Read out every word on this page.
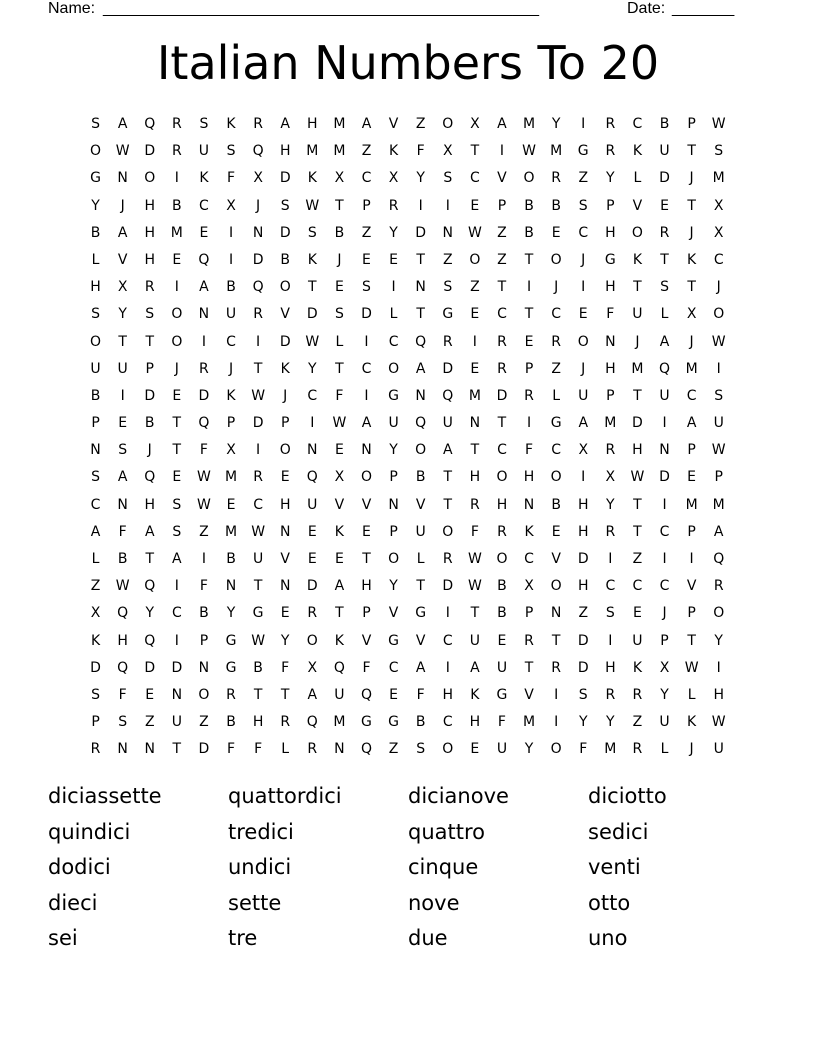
Name: _________________________________________________	Date: _______
Italian Numbers To 20
S	A	Q	R	S	K	R	A	H	M	A	V	Z	O	X	A	M	Y	I	R	C	B	P	W
O	W	D	R	U	S	Q	H	M	M	Z	K	F	X	T	I	W	M	G	R	K	U	T	S
G	N	O	I	K	F	X	D	K	X	C	X	Y	S	C	V	O	R	Z	Y	L	D	J	M
Y	J	H	B	C	X	J	S	W	T	P	R	I	I	E	P	B	B	S	P	V	E	T	X
B	A	H	M	E	I	N	D	S	B	Z	Y	D	N	W	Z	B	E	C	H	O	R	J	X
L	V	H	E	Q	I	D	B	K	J	E	E	T	Z	O	Z	T	O	J	G	K	T	K	C
H	X	R	I	A	B	Q	O	T	E	S	I	N	S	Z	T	I	J	I	H	T	S	T	J
S	Y	S	O	N	U	R	V	D	S	D	L	T	G	E	C	T	C	E	F	U	L	X	O
O	T	T	O	I	C	I	D	W	L	I	C	Q	R	I	R	E	R	O	N	J	A	J	W
U	U	P	J	R	J	T	K	Y	T	C	O	A	D	E	R	P	Z	J	H	M	Q	M	I
B	I	D	E	D	K	W	J	C	F	I	G	N	Q	M	D	R	L	U	P	T	U	C	S
P	E	B	T	Q	P	D	P	I	W	A	U	Q	U	N	T	I	G	A	M	D	I	A	U
N	S	J	T	F	X	I	O	N	E	N	Y	O	A	T	C	F	C	X	R	H	N	P	W
S	A	Q	E	W	M	R	E	Q	X	O	P	B	T	H	O	H	O	I	X	W	D	E	P
C	N	H	S	W	E	C	H	U	V	V	N	V	T	R	H	N	B	H	Y	T	I	M	M
A	F	A	S	Z	M	W	N	E	K	E	P	U	O	F	R	K	E	H	R	T	C	P	A
L	B	T	A	I	B	U	V	E	E	T	O	L	R	W	O	C	V	D	I	Z	I	I	Q
Z	W	Q	I	F	N	T	N	D	A	H	Y	T	D	W	B	X	O	H	C	C	C	V	R
X	Q	Y	C	B	Y	G	E	R	T	P	V	G	I	T	B	P	N	Z	S	E	J	P	O
K	H	Q	I	P	G	W	Y	O	K	V	G	V	C	U	E	R	T	D	I	U	P	T	Y
D	Q	D	D	N	G	B	F	X	Q	F	C	A	I	A	U	T	R	D	H	K	X	W	I
S	F	E	N	O	R	T	T	A	U	Q	E	F	H	K	G	V	I	S	R	R	Y	L	H
P	S	Z	U	Z	B	H	R	Q	M	G	G	B	C	H	F	M	I	Y	Y	Z	U	K	W
R	N	N	T	D	F	F	L	R	N	Q	Z	S	O	E	U	Y	O	F	M	R	L	J	U
diciassette	quattordici	dicianove	diciotto
quindici	tredici	quattro	sedici
dodici	undici	cinque	venti
dieci	sette	nove	otto
sei	tre	due	uno
